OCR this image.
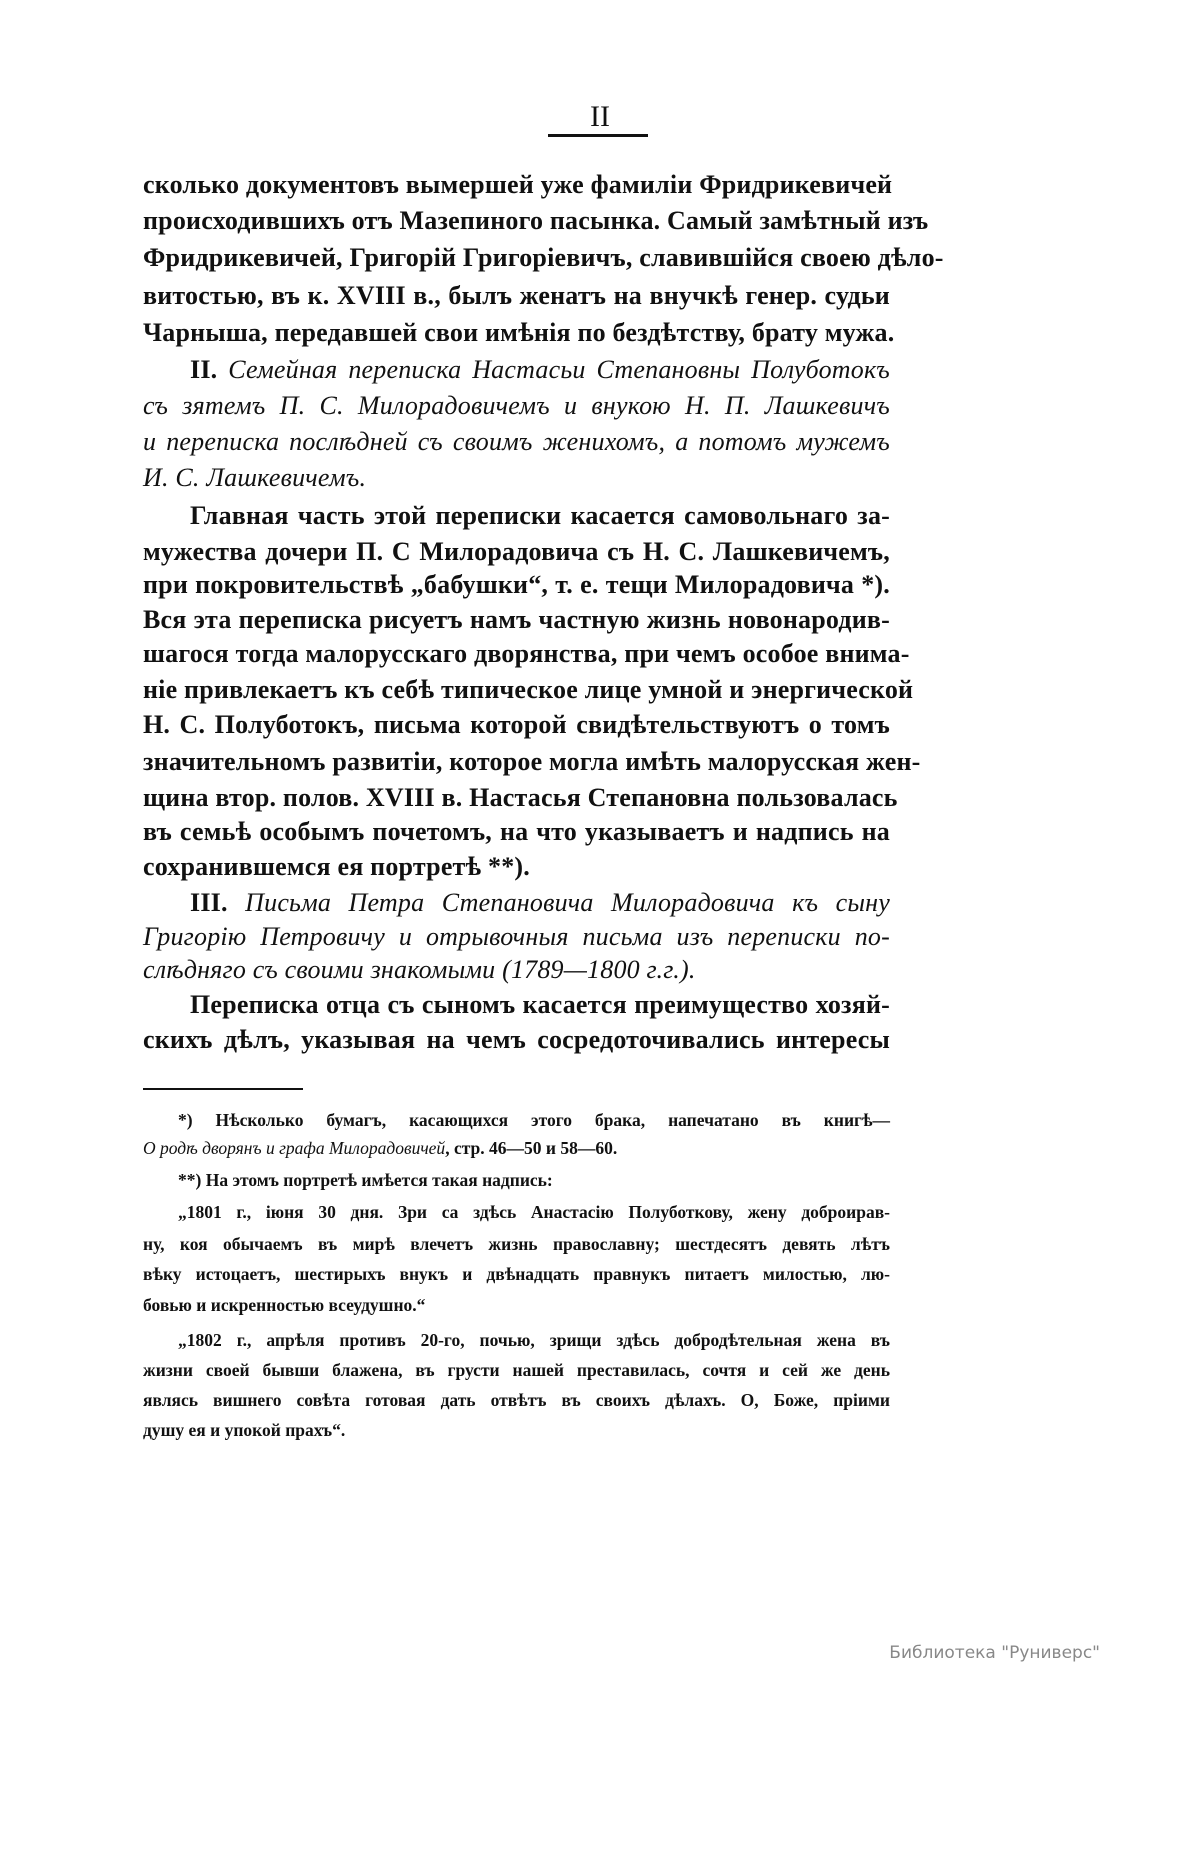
II
сколько документовъ вымершей уже фамиліи Фридрикевичей
происходившихъ отъ Мазепиного пасынка. Самый замѣтный изъ
Фридрикевичей, Григорій Григоріевичъ, славившійся своею дѣло-
витостью, въ к. XVIII в., былъ женатъ на внучкѣ генер. судьи
Чарныша, передавшей свои имѣнія по бездѣтству, брату мужа.
II. Семейная переписка Настасьи Степановны Полуботокъ
съ зятемъ П. С. Милорадовичемъ и внукою Н. П. Лашкевичъ
и переписка послѣдней съ своимъ женихомъ, а потомъ мужемъ
И. С. Лашкевичемъ.
Главная часть этой переписки касается самовольнаго за-
мужества дочери П. С Милорадовича съ Н. С. Лашкевичемъ,
при покровительствѣ „бабушки“, т. е. тещи Милорадовича *).
Вся эта переписка рисуетъ намъ частную жизнь новонародив-
шагося тогда малорусскаго дворянства, при чемъ особое внима-
ніе привлекаетъ къ себѣ типическое лице умной и энергической
Н. С. Полуботокъ, письма которой свидѣтельствуютъ о томъ
значительномъ развитіи, которое могла имѣть малорусская жен-
щина втор. полов. XVIII в. Настасья Степановна пользовалась
въ семьѣ особымъ почетомъ, на что указываетъ и надпись на
сохранившемся ея портретѣ **).
III. Письма Петра Степановича Милорадовича къ сыну
Григорію Петровичу и отрывочныя письма изъ переписки по-
слѣдняго съ своими знакомыми (1789—1800 г.г.).
Переписка отца съ сыномъ касается преимущество хозяй-
скихъ дѣлъ, указывая на чемъ сосредоточивались интересы
*) Нѣсколько бумагъ, касающихся этого брака, напечатано въ книгѣ—
О родѣ дворянъ и графа Милорадовичей, стр. 46—50 и 58—60.
**) На этомъ портретѣ имѣется такая надпись:
„1801 г., іюня 30 дня. Зри са здѣсь Анастасію Полуботкову, жену доброирав-
ну, коя обычаемъ въ мирѣ влечетъ жизнь православну; шестдесятъ девять лѣтъ
вѣку истоцаетъ, шестирыхъ внукъ и двѣнадцать правнукъ питаетъ милостью, лю-
бовью и искренностью всеудушно.“
„1802 г., апрѣля противъ 20-го, почью, зрищи здѣсь добродѣтельная жена въ
жизни своей бывши блажена, въ грусти нашей преставилась, сочтя и сей же день
являсь вишнего совѣта готовая дать отвѣтъ въ своихъ дѣлахъ. О, Боже, пріими
душу ея и упокой прахъ“.
Библиотека "Руниверс"
